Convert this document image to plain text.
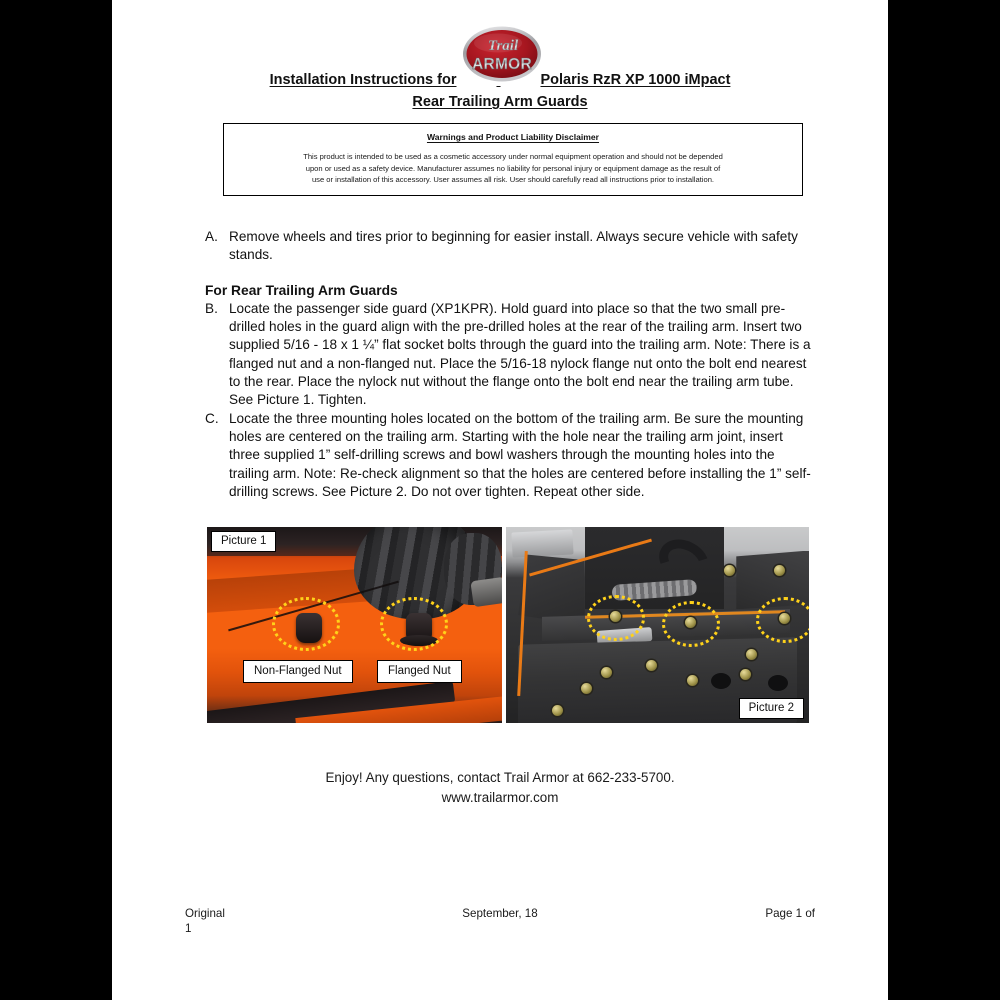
Trail
ARMOR
Installation Instructions for	Polaris RzR XP 1000 iMpact
Rear Trailing Arm Guards
Warnings and Product Liability Disclaimer
This product is intended to be used as a cosmetic accessory under normal equipment operation and should not be depended
upon or used as a safety device. Manufacturer assumes no liability for personal injury or equipment damage as the result of
use or installation of this accessory. User assumes all risk. User should carefully read all instructions prior to installation.
A. Remove wheels and tires prior to beginning for easier install. Always secure vehicle with safety stands.
For Rear Trailing Arm Guards
B. Locate the passenger side guard (XP1KPR). Hold guard into place so that the two small pre-drilled holes in the guard align with the pre-drilled holes at the rear of the trailing arm. Insert two supplied 5/16 - 18 x 1 ¼” flat socket bolts through the guard into the trailing arm. Note: There is a flanged nut and a non-flanged nut. Place the 5/16-18 nylock flange nut onto the bolt end nearest to the rear. Place the nylock nut without the flange onto the bolt end near the trailing arm tube. See Picture 1. Tighten.
C. Locate the three mounting holes located on the bottom of the trailing arm. Be sure the mounting holes are centered on the trailing arm. Starting with the hole near the trailing arm joint, insert three supplied 1” self-drilling screws and bowl washers through the mounting holes into the trailing arm. Note: Re-check alignment so that the holes are centered before installing the 1” self-drilling screws. See Picture 2. Do not over tighten. Repeat other side.
Picture 1
Non-Flanged Nut	Flanged Nut
Picture 2
Enjoy! Any questions, contact Trail Armor at 662-233-5700.
www.trailarmor.com
Original	September, 18	Page 1 of
1
